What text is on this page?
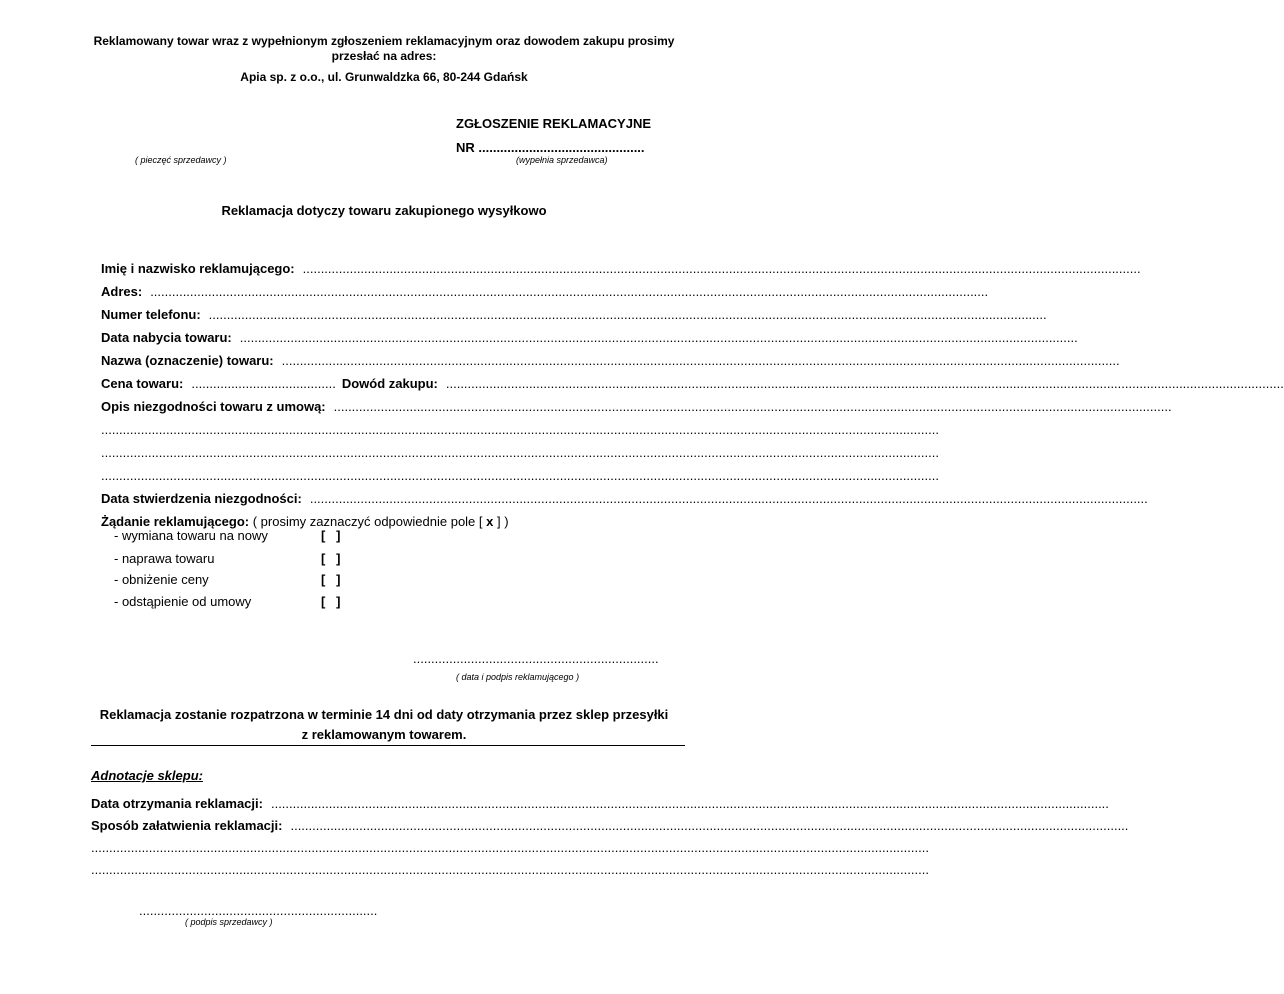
Reklamowany towar wraz z wypełnionym zgłoszeniem reklamacyjnym oraz dowodem zakupu prosimy
przesłać na adres:
Apia sp. z o.o., ul. Grunwaldzka 66, 80-244 Gdańsk
ZGŁOSZENIE REKLAMACYJNE
NR ..............................................
(wypełnia sprzedawca)
( pieczęć sprzedawcy )
Reklamacja dotyczy towaru zakupionego wysyłkowo
Imię i nazwisko reklamującego: ........................................................................................................................................................................................................................................
Adres: ........................................................................................................................................................................................................................................
Numer telefonu: ........................................................................................................................................................................................................................................
Data nabycia towaru: ........................................................................................................................................................................................................................................
Nazwa (oznaczenie) towaru: ........................................................................................................................................................................................................................................
Cena towaru: ........................................ Dowód zakupu: ........................................................................................................................................................................................................................................
Opis niezgodności towaru z umową: ........................................................................................................................................................................................................................................
........................................................................................................................................................................................................................................
........................................................................................................................................................................................................................................
........................................................................................................................................................................................................................................
Data stwierdzenia niezgodności: ........................................................................................................................................................................................................................................
Żądanie reklamującego: ( prosimy zaznaczyć odpowiednie pole [ x ] )
- wymiana towaru na nowy	[   ]
- naprawa towaru	[   ]
- obniżenie ceny	[   ]
- odstąpienie od umowy	[   ]
....................................................................
( data i podpis reklamującego )
Reklamacja zostanie rozpatrzona w terminie 14 dni od daty otrzymania przez sklep przesyłki
z reklamowanym towarem.
Adnotacje sklepu:
Data otrzymania reklamacji: ........................................................................................................................................................................................................................................
Sposób załatwienia reklamacji: ........................................................................................................................................................................................................................................
........................................................................................................................................................................................................................................
........................................................................................................................................................................................................................................
..................................................................
( podpis sprzedawcy )
